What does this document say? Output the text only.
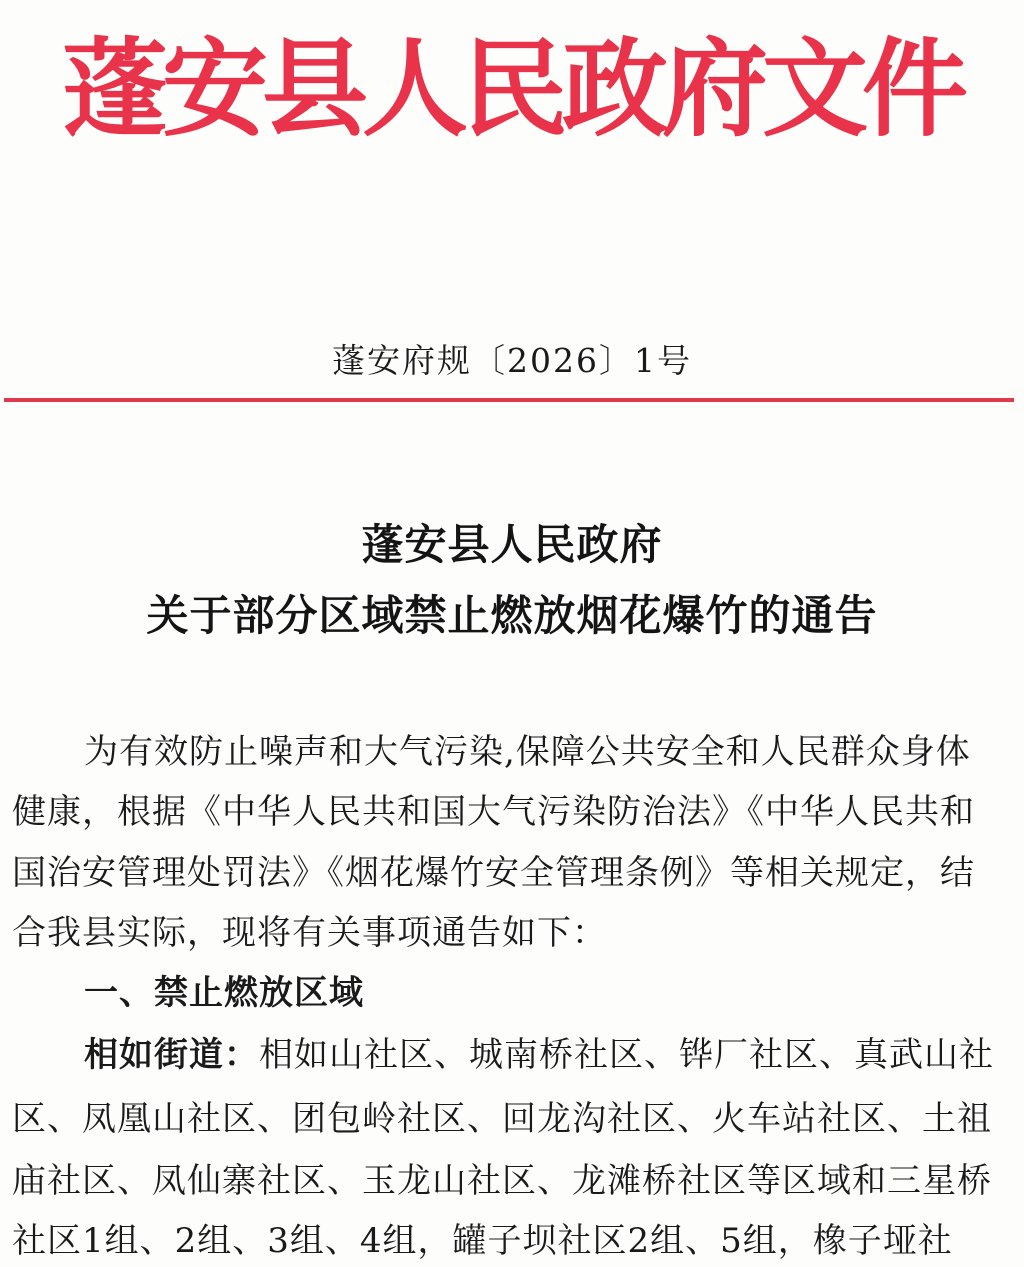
蓬安县人民政府文件
蓬安府规〔2026〕1号
蓬安县人民政府
关于部分区域禁止燃放烟花爆竹的通告
为有效防止噪声和大气污染,保障公共安全和人民群众身体
健康，根据《中华人民共和国大气污染防治法》《中华人民共和
国治安管理处罚法》《烟花爆竹安全管理条例》等相关规定，结
合我县实际，现将有关事项通告如下：
一、禁止燃放区域
相如街道：相如山社区、城南桥社区、铧厂社区、真武山社
区、凤凰山社区、团包岭社区、回龙沟社区、火车站社区、土祖
庙社区、凤仙寨社区、玉龙山社区、龙滩桥社区等区域和三星桥
社区1组、2组、3组、4组，罐子坝社区2组、5组，橡子垭社
